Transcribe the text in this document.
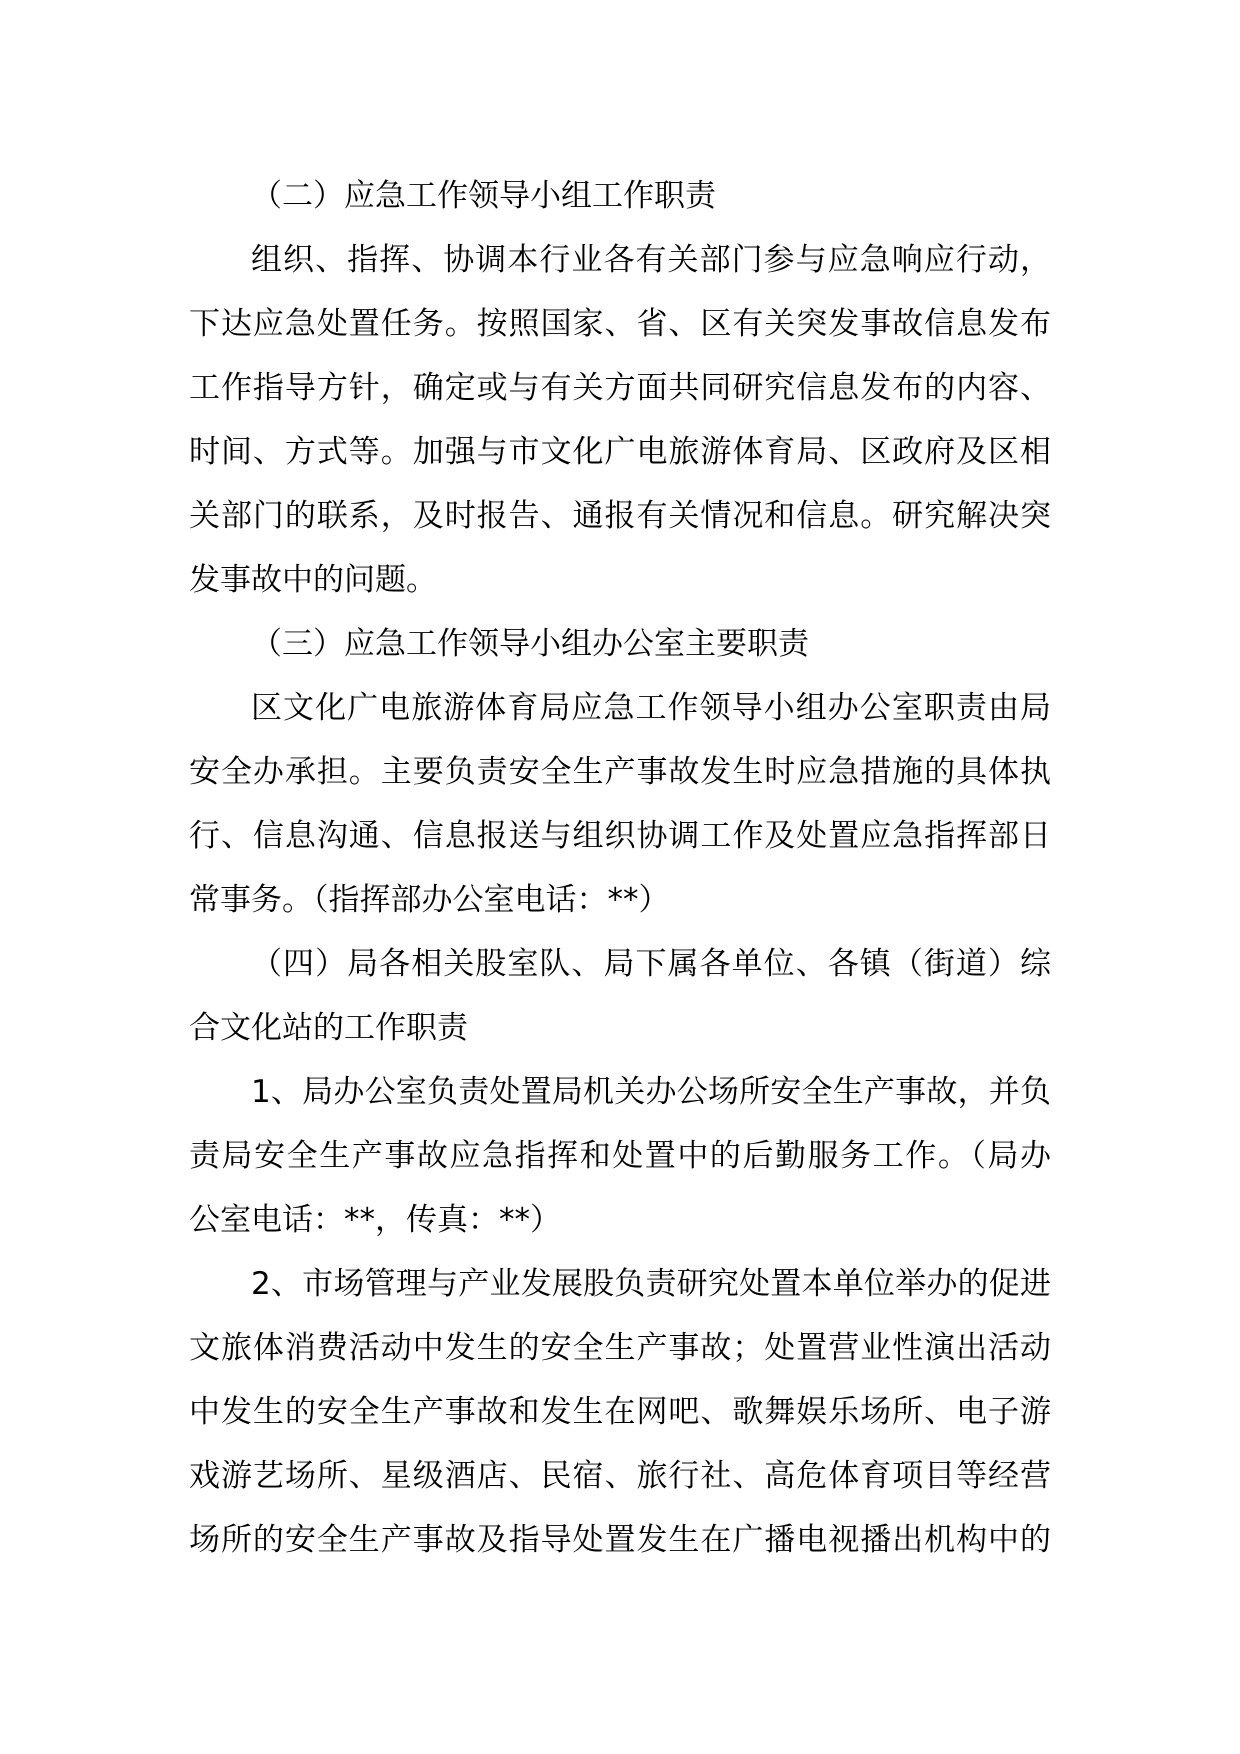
（二）应急工作领导小组工作职责

组织、指挥、协调本行业各有关部门参与应急响应行动，

下达应急处置任务。按照国家、省、区有关突发事故信息发布

工作指导方针，确定或与有关方面共同研究信息发布的内容、

时间、方式等。加强与市文化广电旅游体育局、区政府及区相

关部门的联系，及时报告、通报有关情况和信息。研究解决突

发事故中的问题。

（三）应急工作领导小组办公室主要职责

区文化广电旅游体育局应急工作领导小组办公室职责由局

安全办承担。主要负责安全生产事故发生时应急措施的具体执

行、信息沟通、信息报送与组织协调工作及处置应急指挥部日

常事务。（指挥部办公室电话：**）

（四）局各相关股室队、局下属各单位、各镇（街道）综

合文化站的工作职责

1、局办公室负责处置局机关办公场所安全生产事故，并负

责局安全生产事故应急指挥和处置中的后勤服务工作。（局办

公室电话：**，传真：**）

2、市场管理与产业发展股负责研究处置本单位举办的促进

文旅体消费活动中发生的安全生产事故；处置营业性演出活动

中发生的安全生产事故和发生在网吧、歌舞娱乐场所、电子游

戏游艺场所、星级酒店、民宿、旅行社、高危体育项目等经营

场所的安全生产事故及指导处置发生在广播电视播出机构中的
